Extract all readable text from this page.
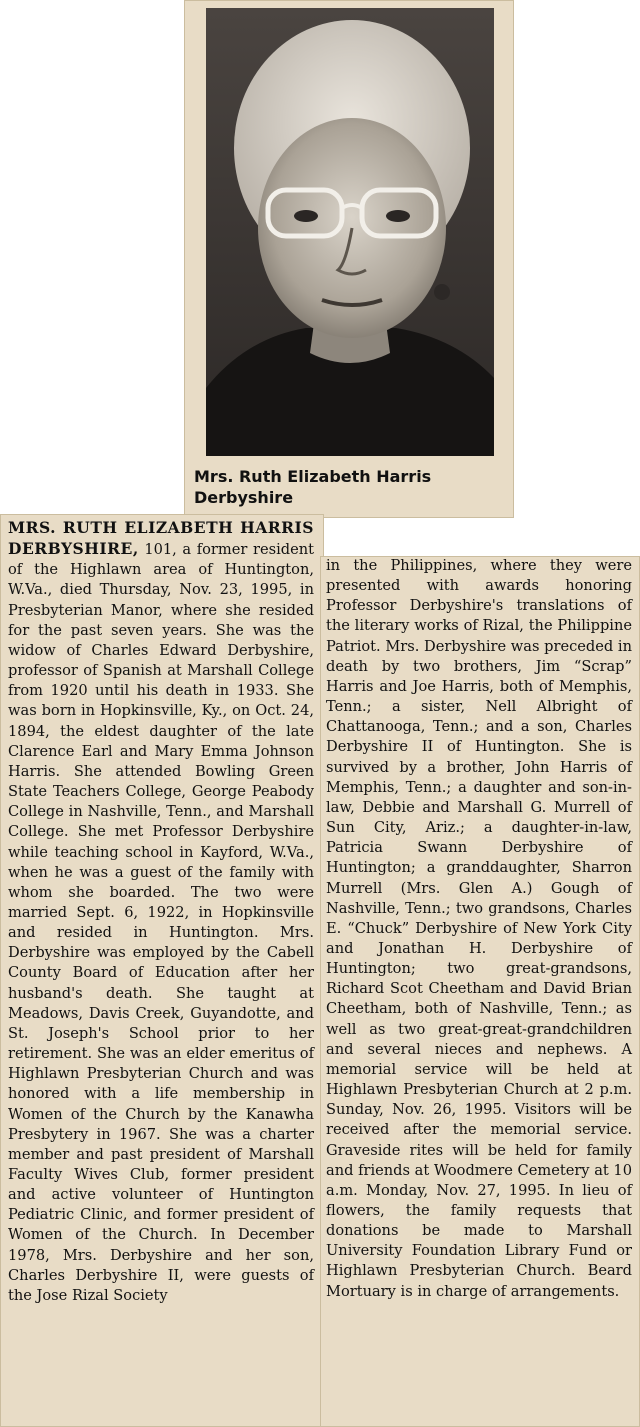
Mrs. Ruth Elizabeth Harris
Derbyshire
MRS. RUTH ELIZABETH HARRIS DERBYSHIRE, 101, a former resident of the Highlawn area of Huntington, W.Va., died Thursday, Nov. 23, 1995, in Presbyterian Manor, where she resided for the past seven years. She was the widow of Charles Edward Derbyshire, professor of Spanish at Marshall College from 1920 until his death in 1933. She was born in Hopkinsville, Ky., on Oct. 24, 1894, the eldest daughter of the late Clarence Earl and Mary Emma Johnson Harris. She attended Bowling Green State Teachers College, George Peabody College in Nashville, Tenn., and Marshall College. She met Professor Derbyshire while teaching school in Kayford, W.Va., when he was a guest of the family with whom she boarded. The two were married Sept. 6, 1922, in Hopkinsville and resided in Huntington. Mrs. Derbyshire was employed by the Cabell County Board of Education after her husband's death. She taught at Meadows, Davis Creek, Guyandotte, and St. Joseph's School prior to her retirement. She was an elder emeritus of Highlawn Presbyterian Church and was honored with a life membership in Women of the Church by the Kanawha Presbytery in 1967. She was a charter member and past president of Marshall Faculty Wives Club, former president and active volunteer of Huntington Pediatric Clinic, and former president of Women of the Church. In December 1978, Mrs. Derbyshire and her son, Charles Derbyshire II, were guests of the Jose Rizal Society
in the Philippines, where they were presented with awards honoring Professor Derbyshire's translations of the literary works of Rizal, the Philippine Patriot. Mrs. Derbyshire was preceded in death by two brothers, Jim “Scrap” Harris and Joe Harris, both of Memphis, Tenn.; a sister, Nell Albright of Chattanooga, Tenn.; and a son, Charles Derbyshire II of Huntington. She is survived by a brother, John Harris of Memphis, Tenn.; a daughter and son-in-law, Debbie and Marshall G. Murrell of Sun City, Ariz.; a daughter-in-law, Patricia Swann Derbyshire of Huntington; a granddaughter, Sharron Murrell (Mrs. Glen A.) Gough of Nashville, Tenn.; two grandsons, Charles E. “Chuck” Derbyshire of New York City and Jonathan H. Derbyshire of Huntington; two great-grandsons, Richard Scot Cheetham and David Brian Cheetham, both of Nashville, Tenn.; as well as two great-great-grandchildren and several nieces and nephews. A memorial service will be held at Highlawn Presbyterian Church at 2 p.m. Sunday, Nov. 26, 1995. Visitors will be received after the memorial service. Graveside rites will be held for family and friends at Woodmere Cemetery at 10 a.m. Monday, Nov. 27, 1995. In lieu of flowers, the family requests that donations be made to Marshall University Foundation Library Fund or Highlawn Presbyterian Church. Beard Mortuary is in charge of arrangements.
